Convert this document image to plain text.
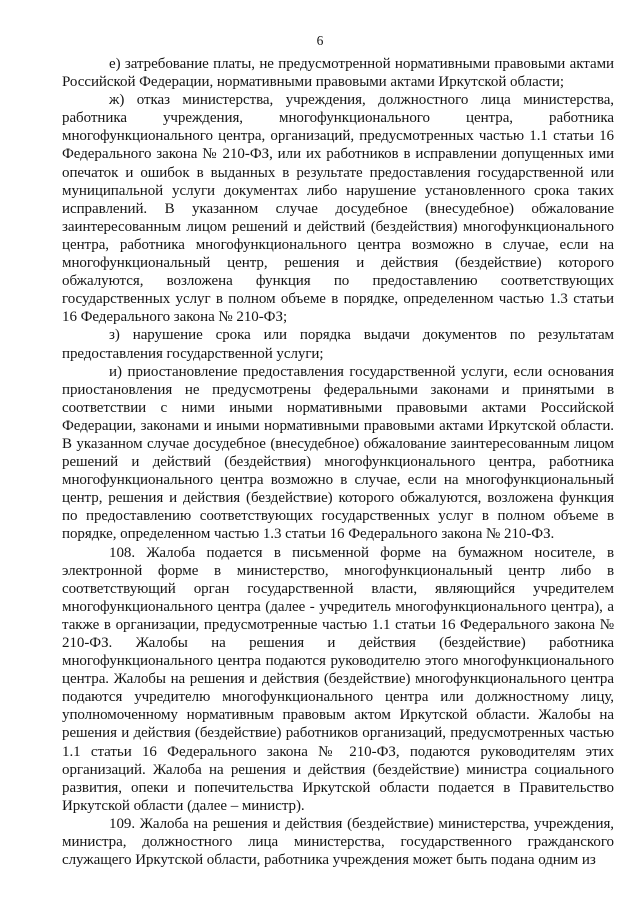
6

е) затребование платы, не предусмотренной нормативными правовыми актами Российской Федерации, нормативными правовыми актами Иркутской области;

ж) отказ министерства, учреждения, должностного лица министерства, работника учреждения, многофункционального центра, работника многофункционального центра, организаций, предусмотренных частью 1.1 статьи 16 Федерального закона № 210-ФЗ, или их работников в исправлении допущенных ими опечаток и ошибок в выданных в результате предоставления государственной или муниципальной услуги документах либо нарушение установленного срока таких исправлений. В указанном случае досудебное (внесудебное) обжалование заинтересованным лицом решений и действий (бездействия) многофункционального центра, работника многофункционального центра возможно в случае, если на многофункциональный центр, решения и действия (бездействие) которого обжалуются, возложена функция по предоставлению соответствующих государственных услуг в полном объеме в порядке, определенном частью 1.3 статьи 16 Федерального закона № 210-ФЗ;

з) нарушение срока или порядка выдачи документов по результатам предоставления государственной услуги;

и) приостановление предоставления государственной услуги, если основания приостановления не предусмотрены федеральными законами и принятыми в соответствии с ними иными нормативными правовыми актами Российской Федерации, законами и иными нормативными правовыми актами Иркутской области. В указанном случае досудебное (внесудебное) обжалование заинтересованным лицом решений и действий (бездействия) многофункционального центра, работника многофункционального центра возможно в случае, если на многофункциональный центр, решения и действия (бездействие) которого обжалуются, возложена функция по предоставлению соответствующих государственных услуг в полном объеме в порядке, определенном частью 1.3 статьи 16 Федерального закона № 210-ФЗ.

108. Жалоба подается в письменной форме на бумажном носителе, в электронной форме в министерство, многофункциональный центр либо в соответствующий орган государственной власти, являющийся учредителем многофункционального центра (далее - учредитель многофункционального центра), а также в организации, предусмотренные частью 1.1 статьи 16 Федерального закона № 210-ФЗ. Жалобы на решения и действия (бездействие) работника многофункционального центра подаются руководителю этого многофункционального центра. Жалобы на решения и действия (бездействие) многофункционального центра подаются учредителю многофункционального центра или должностному лицу, уполномоченному нормативным правовым актом Иркутской области. Жалобы на решения и действия (бездействие) работников организаций, предусмотренных частью 1.1 статьи 16 Федерального закона № 210-ФЗ, подаются руководителям этих организаций. Жалоба на решения и действия (бездействие) министра социального развития, опеки и попечительства Иркутской области подается в Правительство Иркутской области (далее – министр).

109. Жалоба на решения и действия (бездействие) министерства, учреждения, министра, должностного лица министерства, государственного гражданского служащего Иркутской области, работника учреждения может быть подана одним из
